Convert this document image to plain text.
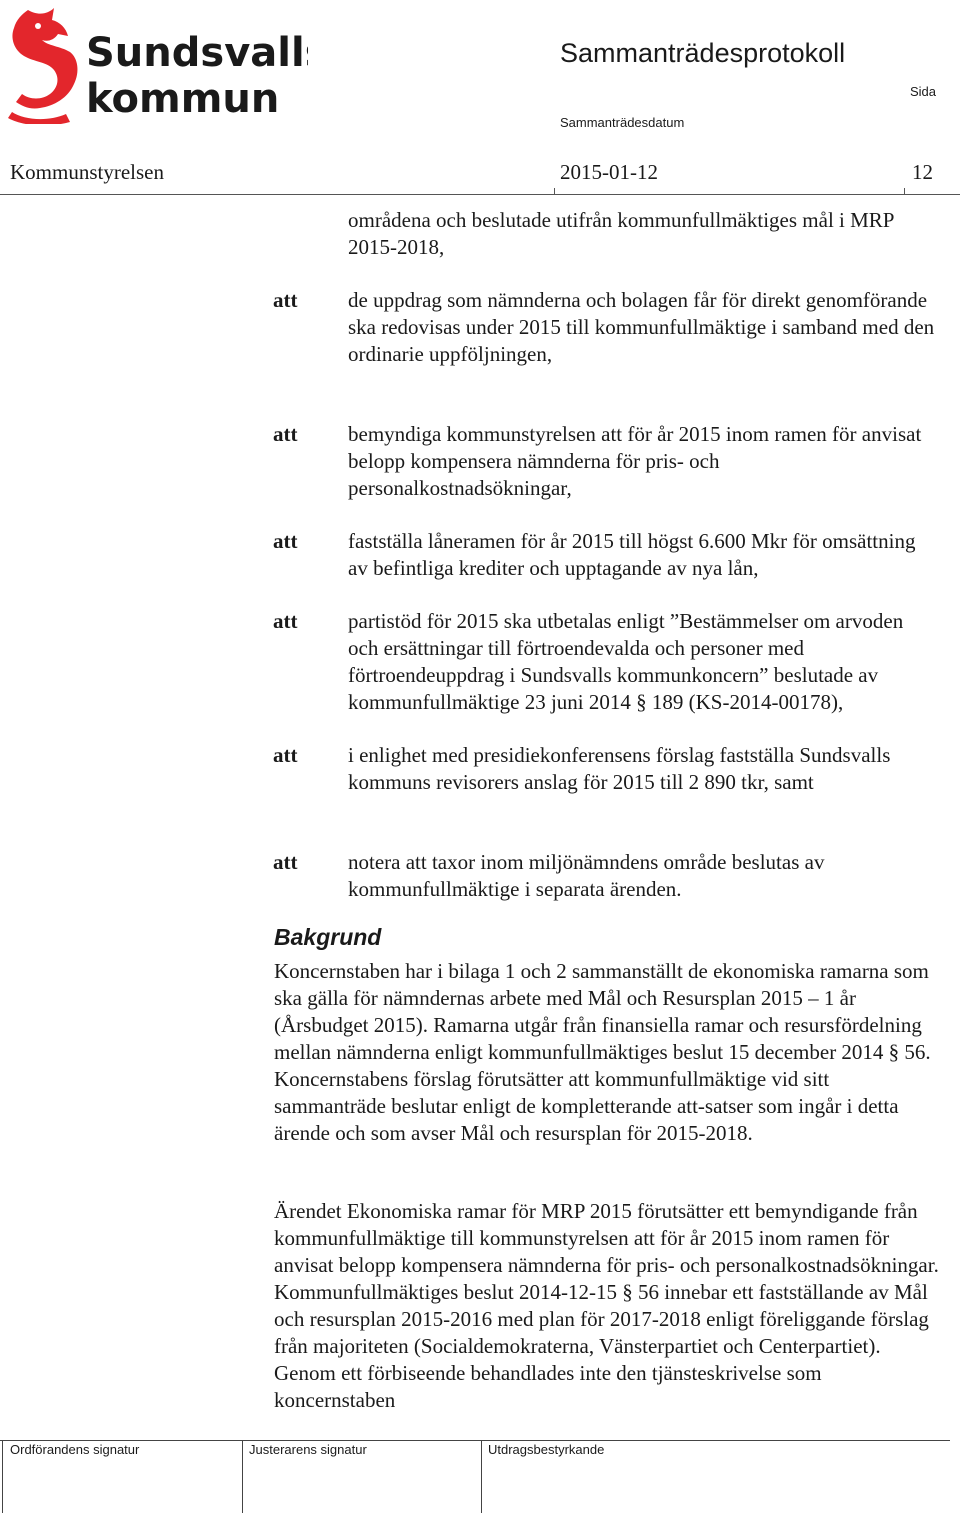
Sundsvalls
kommun
Sammanträdesprotokoll
Sida
Sammanträdesdatum
Kommunstyrelsen	2015-01-12	12

områdena och beslutade utifrån kommunfullmäktiges mål i MRP 2015-2018,

att de uppdrag som nämnderna och bolagen får för direkt genomförande ska redovisas under 2015 till kommunfullmäktige i samband med den ordinarie uppföljningen,

att bemyndiga kommunstyrelsen att för år 2015 inom ramen för anvisat belopp kompensera nämnderna för pris- och personalkostnadsökningar,

att fastställa låneramen för år 2015 till högst 6.600 Mkr för omsättning av befintliga krediter och upptagande av nya lån,

att partistöd för 2015 ska utbetalas enligt ”Bestämmelser om arvoden och ersättningar till förtroendevalda och personer med förtroendeuppdrag i Sundsvalls kommunkoncern” beslutade av kommunfullmäktige 23 juni 2014 § 189 (KS-2014-00178),

att i enlighet med presidiekonferensens förslag fastställa Sundsvalls kommuns revisorers anslag för 2015 till 2 890 tkr, samt

att notera att taxor inom miljönämndens område beslutas av kommunfullmäktige i separata ärenden.

Bakgrund

Koncernstaben har i bilaga 1 och 2 sammanställt de ekonomiska ramarna som ska gälla för nämndernas arbete med Mål och Resursplan 2015 – 1 år (Årsbudget 2015). Ramarna utgår från finansiella ramar och resursfördelning mellan nämnderna enligt kommunfullmäktiges beslut 15 december 2014 § 56. Koncernstabens förslag förutsätter att kommunfullmäktige vid sitt sammanträde beslutar enligt de kompletterande att-satser som ingår i detta ärende och som avser Mål och resursplan för 2015-2018.

Ärendet Ekonomiska ramar för MRP 2015 förutsätter ett bemyndigande från kommunfullmäktige till kommunstyrelsen att för år 2015 inom ramen för anvisat belopp kompensera nämnderna för pris- och personalkostnadsökningar. Kommunfullmäktiges beslut 2014-12-15 § 56 innebar ett fastställande av Mål och resursplan 2015-2016 med plan för 2017-2018 enligt föreliggande förslag från majoriteten (Socialdemokraterna, Vänsterpartiet och Centerpartiet). Genom ett förbiseende behandlades inte den tjänsteskrivelse som koncernstaben

Ordförandens signatur	Justerarens signatur	Utdragsbestyrkande
